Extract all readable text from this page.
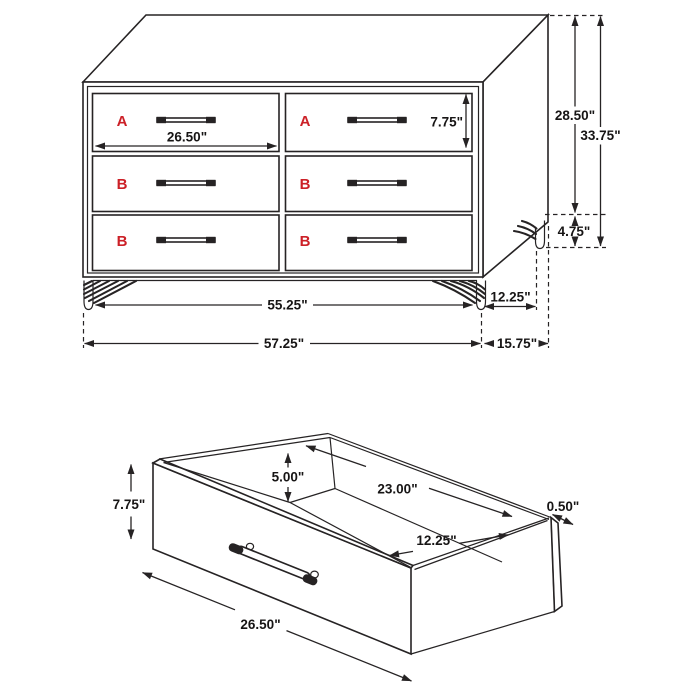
A	A
B	B
B	B
26.50"
7.75"	28.50"
33.75"
4.75"
55.25"
12.25"
57.25"	15.75"
7.75"
5.00"
23.00"
12.25"
0.50"
26.50"
